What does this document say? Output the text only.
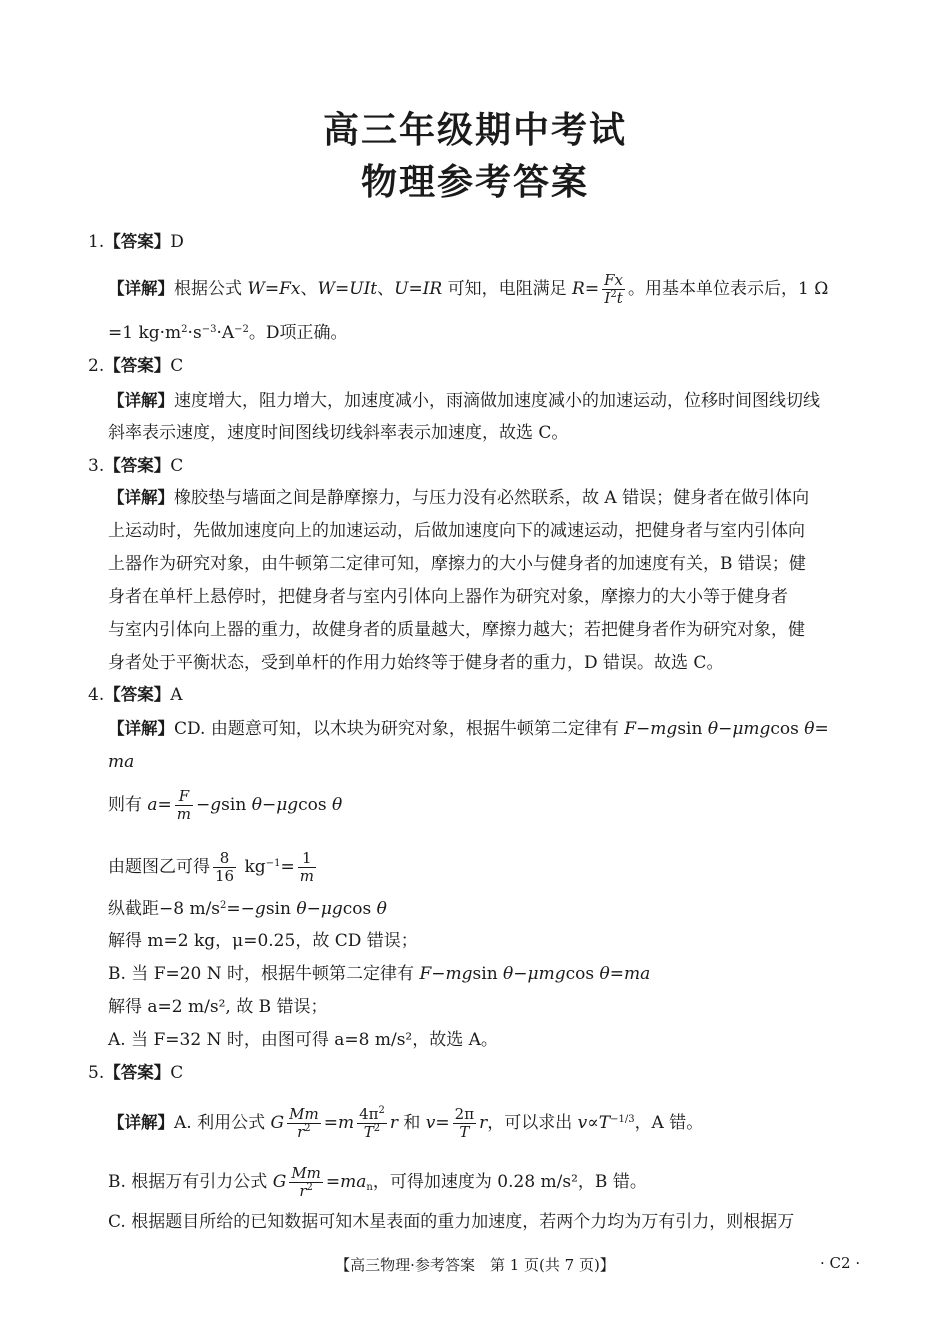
高三年级期中考试
物理参考答案
1.【答案】D
【详解】根据公式 W=Fx、W=UIt、U=IR 可知，电阻满足 $R= \frac{Fx}{I^2t}$ 。用基本单位表示后，1 Ω
=1 $kg\cdot m^2\cdot s^{-3}\cdot A^{-2}$。D项正确。
2.【答案】C
【详解】速度增大，阻力增大，加速度减小，雨滴做加速度减小的加速运动，位移时间图线切线
斜率表示速度，速度时间图线切线斜率表示加速度，故选 C。
3.【答案】C
【详解】橡胶垫与墙面之间是静摩擦力，与压力没有必然联系，故 A 错误；健身者在做引体向
上运动时，先做加速度向上的加速运动，后做加速度向下的减速运动，把健身者与室内引体向
上器作为研究对象，由牛顿第二定律可知，摩擦力的大小与健身者的加速度有关，B 错误；健
身者在单杆上悬停时，把健身者与室内引体向上器作为研究对象，摩擦力的大小等于健身者
与室内引体向上器的重力，故健身者的质量越大，摩擦力越大；若把健身者作为研究对象，健
身者处于平衡状态，受到单杆的作用力始终等于健身者的重力，D 错误。故选 C。
4.【答案】A
【详解】CD. 由题意可知，以木块为研究对象，根据牛顿第二定律有 F−mgsin θ−μmgcos θ=
ma
则有 $a= \frac{F}{m} -gsin$ θ−μgcos θ
由题图乙可得 $\frac{8}{16} kg^{-1}= \frac{1}{m}$
纵截距−8 $m/s^2=-gsin$ θ−μgcos θ
解得 m=2 kg，μ=0.25，故 CD 错误；
B. 当 F=20 N 时，根据牛顿第二定律有 F−mgsin θ−μmgcos θ=ma
解得 a=2 m/s², 故 B 错误；
A. 当 F=32 N 时，由图可得 a=8 m/s²，故选 A。
5.【答案】C
【详解】A. 利用公式 G $\frac{Mm}{r^2} =m \frac{4\pi^2}{T^2}$ r 和 $v= \frac{2\pi}{T}$ r，可以求出 $v\propto T^{-1/3}$，A 错。
B. 根据万有引力公式 G $\frac{Mm}{r^2} =ma_n$，可得加速度为 0.28 m/s²，B 错。
C. 根据题目所给的已知数据可知木星表面的重力加速度，若两个力均为万有引力，则根据万
【高三物理·参考答案　第 1 页(共 7 页)】	· C2 ·
